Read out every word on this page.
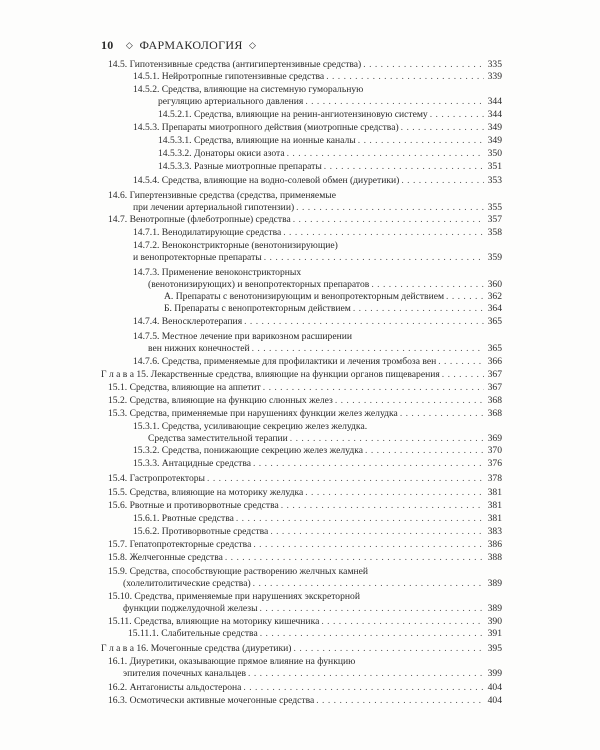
10 ◇ ФАРМАКОЛОГИЯ ◇
14.5. Гипотензивные средства (антигипертензивные средства) . . .	335
14.5.1. Нейротропные гипотензивные средства . . .	339
14.5.2. Средства, влияющие на системную гуморальную
регуляцию артериального давления . . .	344
14.5.2.1. Средства, влияющие на ренин-ангиотензиновую систему . . .	344
14.5.3. Препараты миотропного действия (миотропные средства) . . .	349
14.5.3.1. Средства, влияющие на ионные каналы . . .	349
14.5.3.2. Донаторы окиси азота . . .	350
14.5.3.3. Разные миотропные препараты . . .	351
14.5.4. Средства, влияющие на водно-солевой обмен (диуретики) . . .	353
14.6. Гипертензивные средства (средства, применяемые
при лечении артериальной гипотензии) . . .	355
14.7. Венотропные (флеботропные) средства . . .	357
14.7.1. Венодилатирующие средства . . .	358
14.7.2. Веноконстрикторные (венотонизирующие)
и венопротекторные препараты . . .	359
14.7.3. Применение веноконстрикторных
(венотонизирующих) и венопротекторных препаратов . . .	360
А. Препараты с венотонизирующим и венопротекторным действием . . .	362
Б. Препараты с венопротекторным действием . . .	364
14.7.4. Веносклеротерапия . . .	365
14.7.5. Местное лечение при варикозном расширении
вен нижних конечностей . . .	365
14.7.6. Средства, применяемые для профилактики и лечения тромбоза вен . . .	366
Г л а в а 15. Лекарственные средства, влияющие на функции органов пищеварения . . .	367
15.1. Средства, влияющие на аппетит . . .	367
15.2. Средства, влияющие на функцию слюнных желез . . .	368
15.3. Средства, применяемые при нарушениях функции желез желудка . . .	368
15.3.1. Средства, усиливающие секрецию желез желудка.
Средства заместительной терапии . . .	369
15.3.2. Средства, понижающие секрецию желез желудка . . .	370
15.3.3. Антацидные средства . . .	376
15.4. Гастропротекторы . . .	378
15.5. Средства, влияющие на моторику желудка . . .	381
15.6. Рвотные и противорвотные средства . . .	381
15.6.1. Рвотные средства . . .	381
15.6.2. Противорвотные средства . . .	383
15.7. Гепатопротекторные средства . . .	386
15.8. Желчегонные средства . . .	388
15.9. Средства, способствующие растворению желчных камней
(холелитолитические средства) . . .	389
15.10. Средства, применяемые при нарушениях экскреторной
функции поджелудочной железы . . .	389
15.11. Средства, влияющие на моторику кишечника . . .	390
15.11.1. Слабительные средства . . .	391
Г л а в а 16. Мочегонные средства (диуретики) . . .	395
16.1. Диуретики, оказывающие прямое влияние на функцию
эпителия почечных канальцев . . .	399
16.2. Антагонисты альдостерона . . .	404
16.3. Осмотически активные мочегонные средства . . .	404
